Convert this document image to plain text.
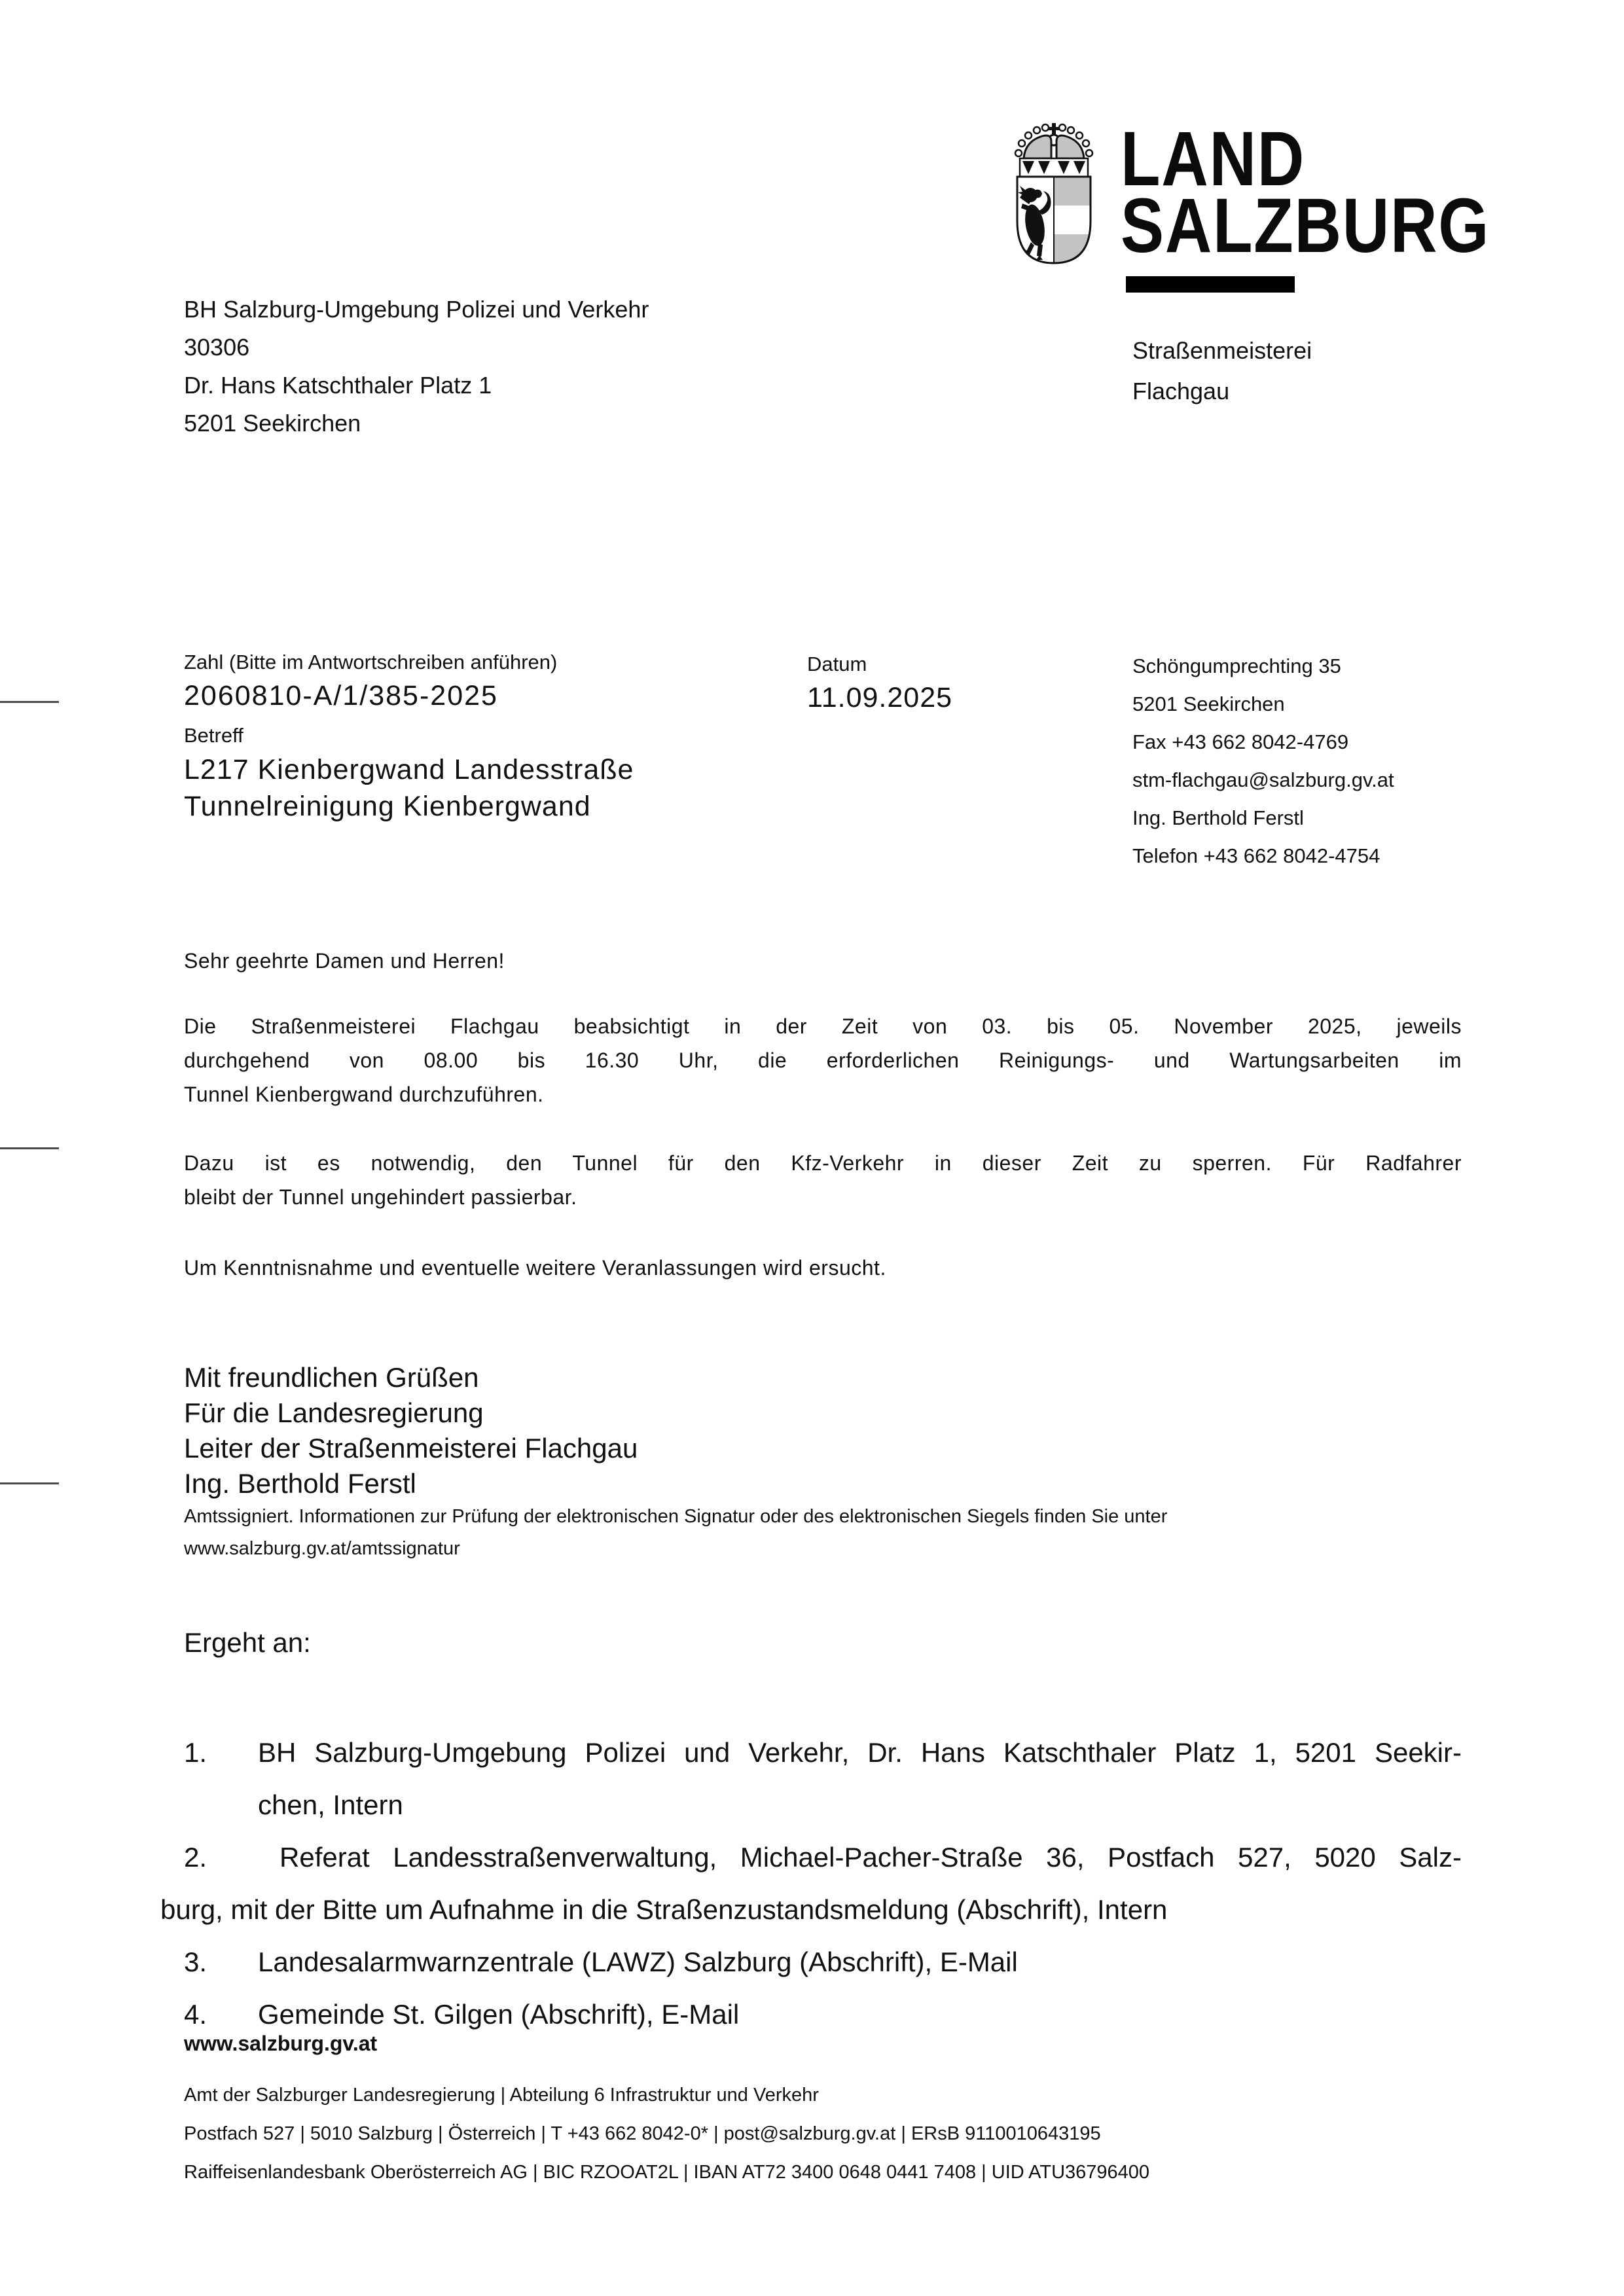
LAND
SALZBURG
BH Salzburg-Umgebung Polizei und Verkehr
30306
Dr. Hans Katschthaler Platz 1
5201 Seekirchen
Straßenmeisterei
Flachgau
Zahl (Bitte im Antwortschreiben anführen)
2060810-A/1/385-2025
Betreff
L217 Kienbergwand Landesstraße
Tunnelreinigung Kienbergwand
Datum
11.09.2025
Schöngumprechting 35
5201 Seekirchen
Fax +43 662 8042-4769
stm-flachgau@salzburg.gv.at
Ing. Berthold Ferstl
Telefon +43 662 8042-4754
Sehr geehrte Damen und Herren!
Die Straßenmeisterei Flachgau beabsichtigt in der Zeit von 03. bis 05. November 2025, jeweils
durchgehend von 08.00 bis 16.30 Uhr, die erforderlichen Reinigungs- und Wartungsarbeiten im
Tunnel Kienbergwand durchzuführen.
Dazu ist es notwendig, den Tunnel für den Kfz-Verkehr in dieser Zeit zu sperren. Für Radfahrer
bleibt der Tunnel ungehindert passierbar.
Um Kenntnisnahme und eventuelle weitere Veranlassungen wird ersucht.
Mit freundlichen Grüßen
Für die Landesregierung
Leiter der Straßenmeisterei Flachgau
Ing. Berthold Ferstl
Amtssigniert. Informationen zur Prüfung der elektronischen Signatur oder des elektronischen Siegels finden Sie unter
www.salzburg.gv.at/amtssignatur
Ergeht an:
1. BH Salzburg-Umgebung Polizei und Verkehr, Dr. Hans Katschthaler Platz 1, 5201 Seekir-
chen, Intern
2.	Referat Landesstraßenverwaltung, Michael-Pacher-Straße 36, Postfach 527, 5020 Salz-
burg, mit der Bitte um Aufnahme in die Straßenzustandsmeldung (Abschrift), Intern
3. Landesalarmwarnzentrale (LAWZ) Salzburg (Abschrift), E-Mail
4. Gemeinde St. Gilgen (Abschrift), E-Mail
www.salzburg.gv.at
Amt der Salzburger Landesregierung | Abteilung 6 Infrastruktur und Verkehr
Postfach 527 | 5010 Salzburg | Österreich | T +43 662 8042-0* | post@salzburg.gv.at | ERsB 9110010643195
Raiffeisenlandesbank Oberösterreich AG | BIC RZOOAT2L | IBAN AT72 3400 0648 0441 7408 | UID ATU36796400
